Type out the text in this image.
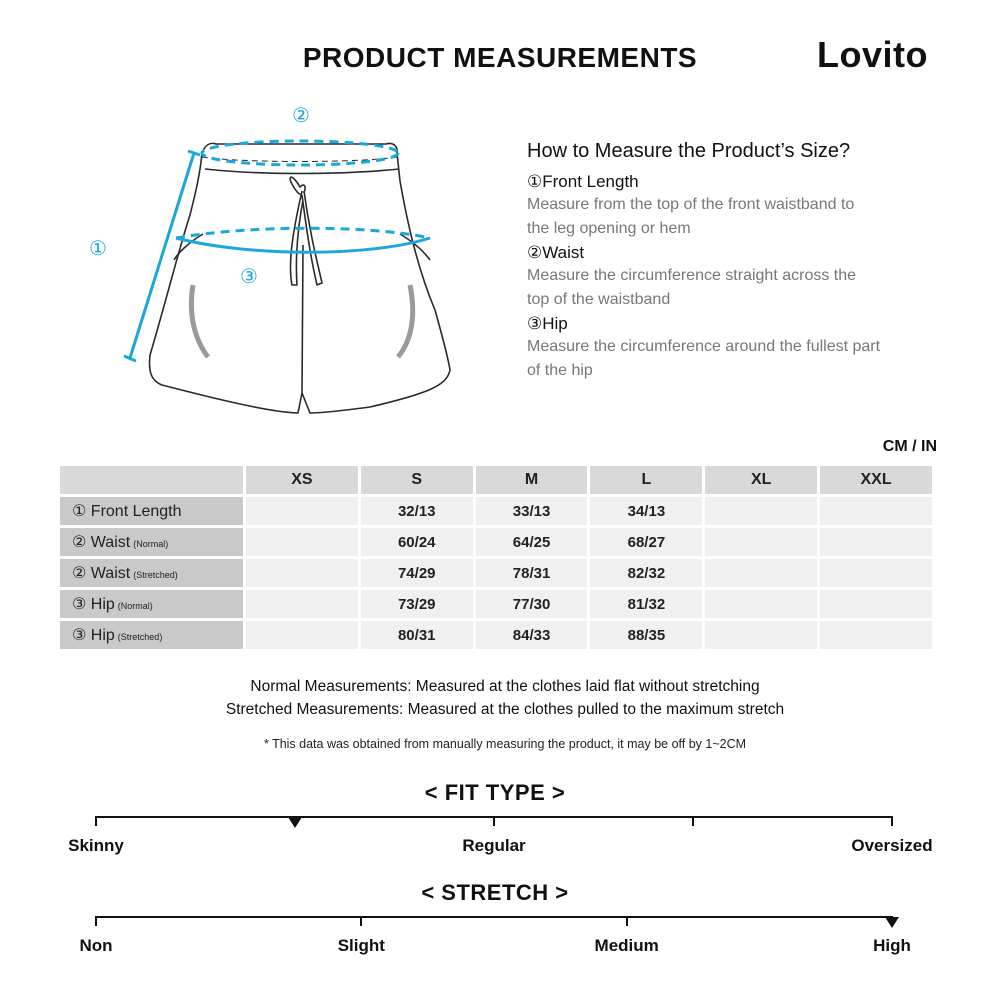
PRODUCT MEASUREMENTS	Lovito
①
②
③
How to Measure the Product’s Size?
①Front Length
Measure from the top of the front waistband to
the leg opening or hem
②Waist
Measure the circumference straight across the
top of the waistband
③Hip
Measure the circumference around the fullest part
of the hip
CM / IN
	XS	S	M	L	XL	XXL
① Front Length		32/13	33/13	34/13		
② Waist (Normal)		60/24	64/25	68/27		
② Waist (Stretched)		74/29	78/31	82/32		
③ Hip (Normal)		73/29	77/30	81/32		
③ Hip (Stretched)		80/31	84/33	88/35		
Normal Measurements: Measured at the clothes laid flat without stretching
Stretched Measurements: Measured at the clothes pulled to the maximum stretch
* This data was obtained from manually measuring the product, it may be off by 1~2CM
< FIT TYPE >
Skinny	Regular	Oversized
< STRETCH >
Non	Slight	Medium	High
